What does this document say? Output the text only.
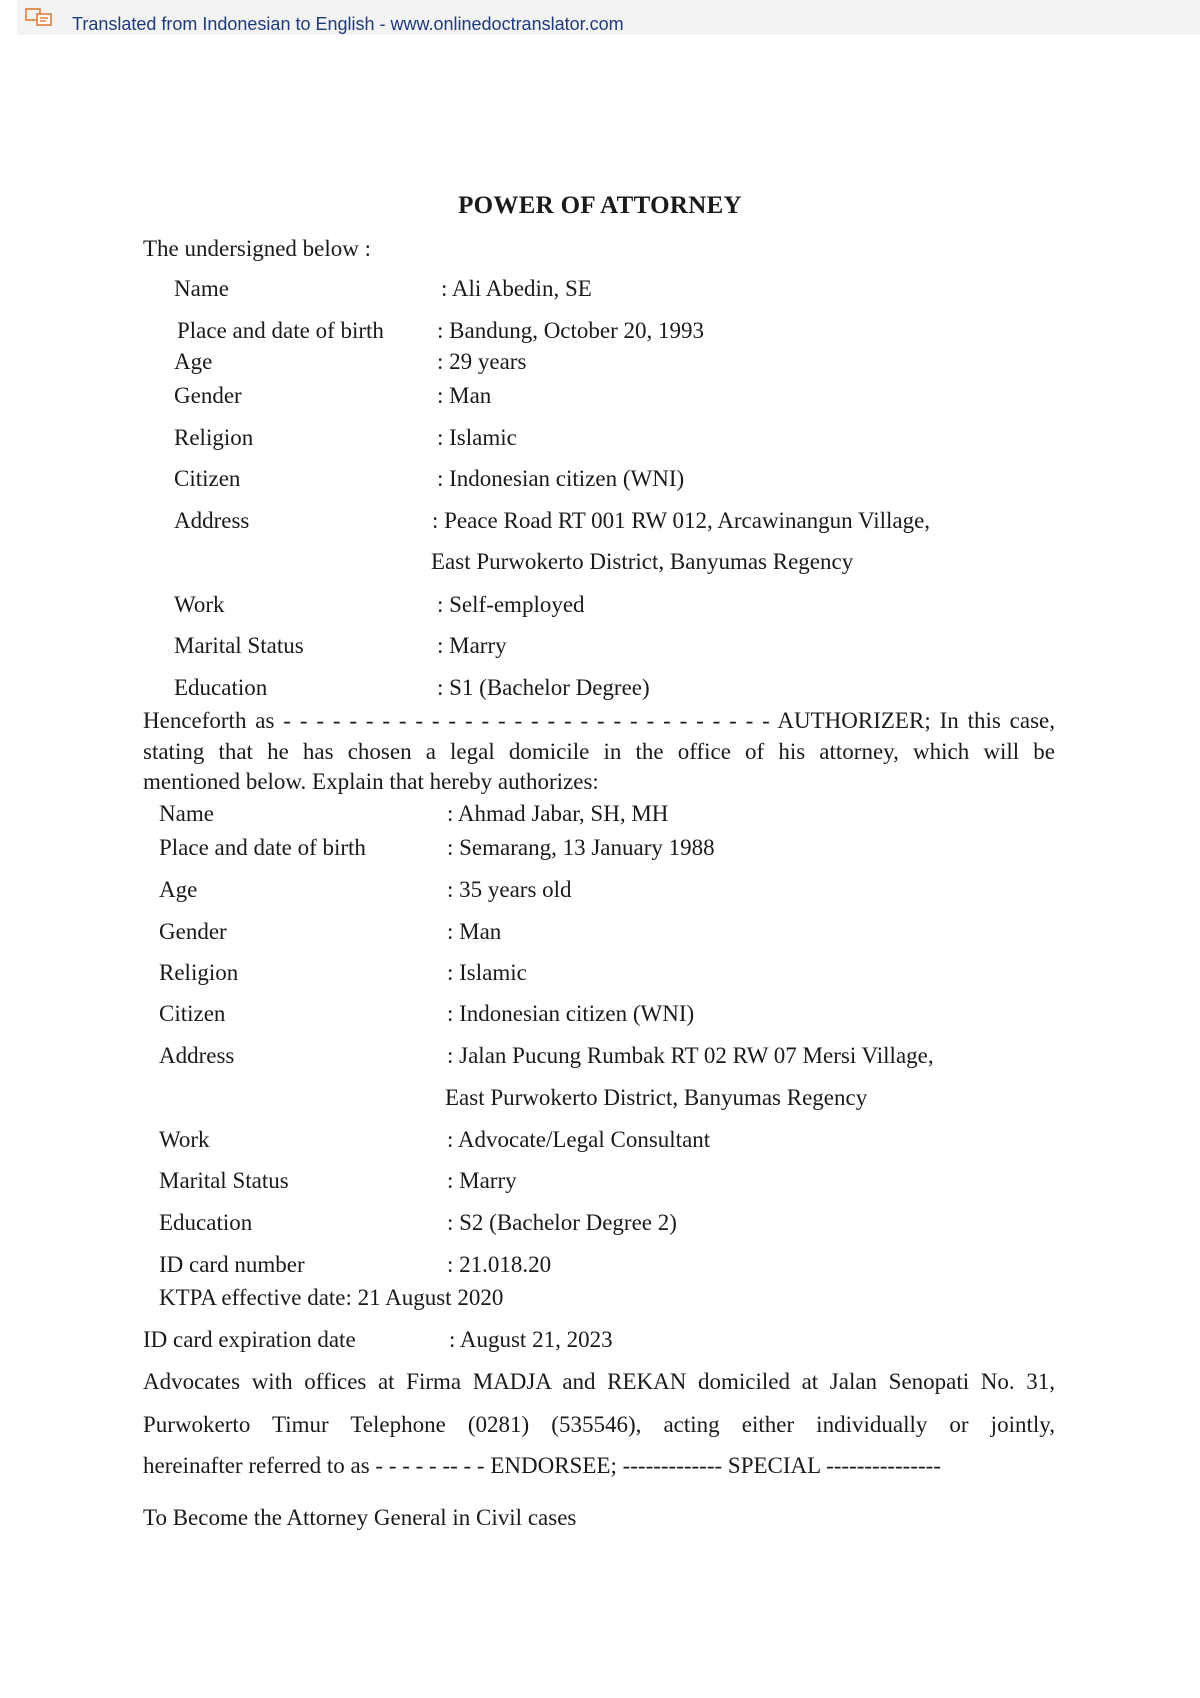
Translated from Indonesian to English - www.onlinedoctranslator.com
POWER OF ATTORNEY
The undersigned below :
Name	: Ali Abedin, SE
Place and date of birth : Bandung, October 20, 1993
Age	: 29 years
Gender	: Man
Religion	: Islamic
Citizen	: Indonesian citizen (WNI)
Address	: Peace Road RT 001 RW 012, Arcawinangun Village,
East Purwokerto District, Banyumas Regency
Work	: Self-employed
Marital Status	: Marry
Education	: S1 (Bachelor Degree)
Henceforth as - - - - - - - - - - - - - - - - - - - - - - - - - - - - - - AUTHORIZER; In this case,
stating that he has chosen a legal domicile in the office of his attorney, which will be
mentioned below. Explain that hereby authorizes:
Name	: Ahmad Jabar, SH, MH
Place and date of birth	: Semarang, 13 January 1988
Age	: 35 years old
Gender	: Man
Religion	: Islamic
Citizen	: Indonesian citizen (WNI)
Address	: Jalan Pucung Rumbak RT 02 RW 07 Mersi Village,
East Purwokerto District, Banyumas Regency
Work	: Advocate/Legal Consultant
Marital Status	: Marry
Education	: S2 (Bachelor Degree 2)
ID card number	: 21.018.20
KTPA effective date: 21 August 2020
ID card expiration date	: August 21, 2023
Advocates with offices at Firma MADJA and REKAN domiciled at Jalan Senopati No. 31,
Purwokerto Timur Telephone (0281) (535546), acting either individually or jointly,
hereinafter referred to as - - - - - -- - - ENDORSEE; ------------- SPECIAL ---------------
To Become the Attorney General in Civil cases
